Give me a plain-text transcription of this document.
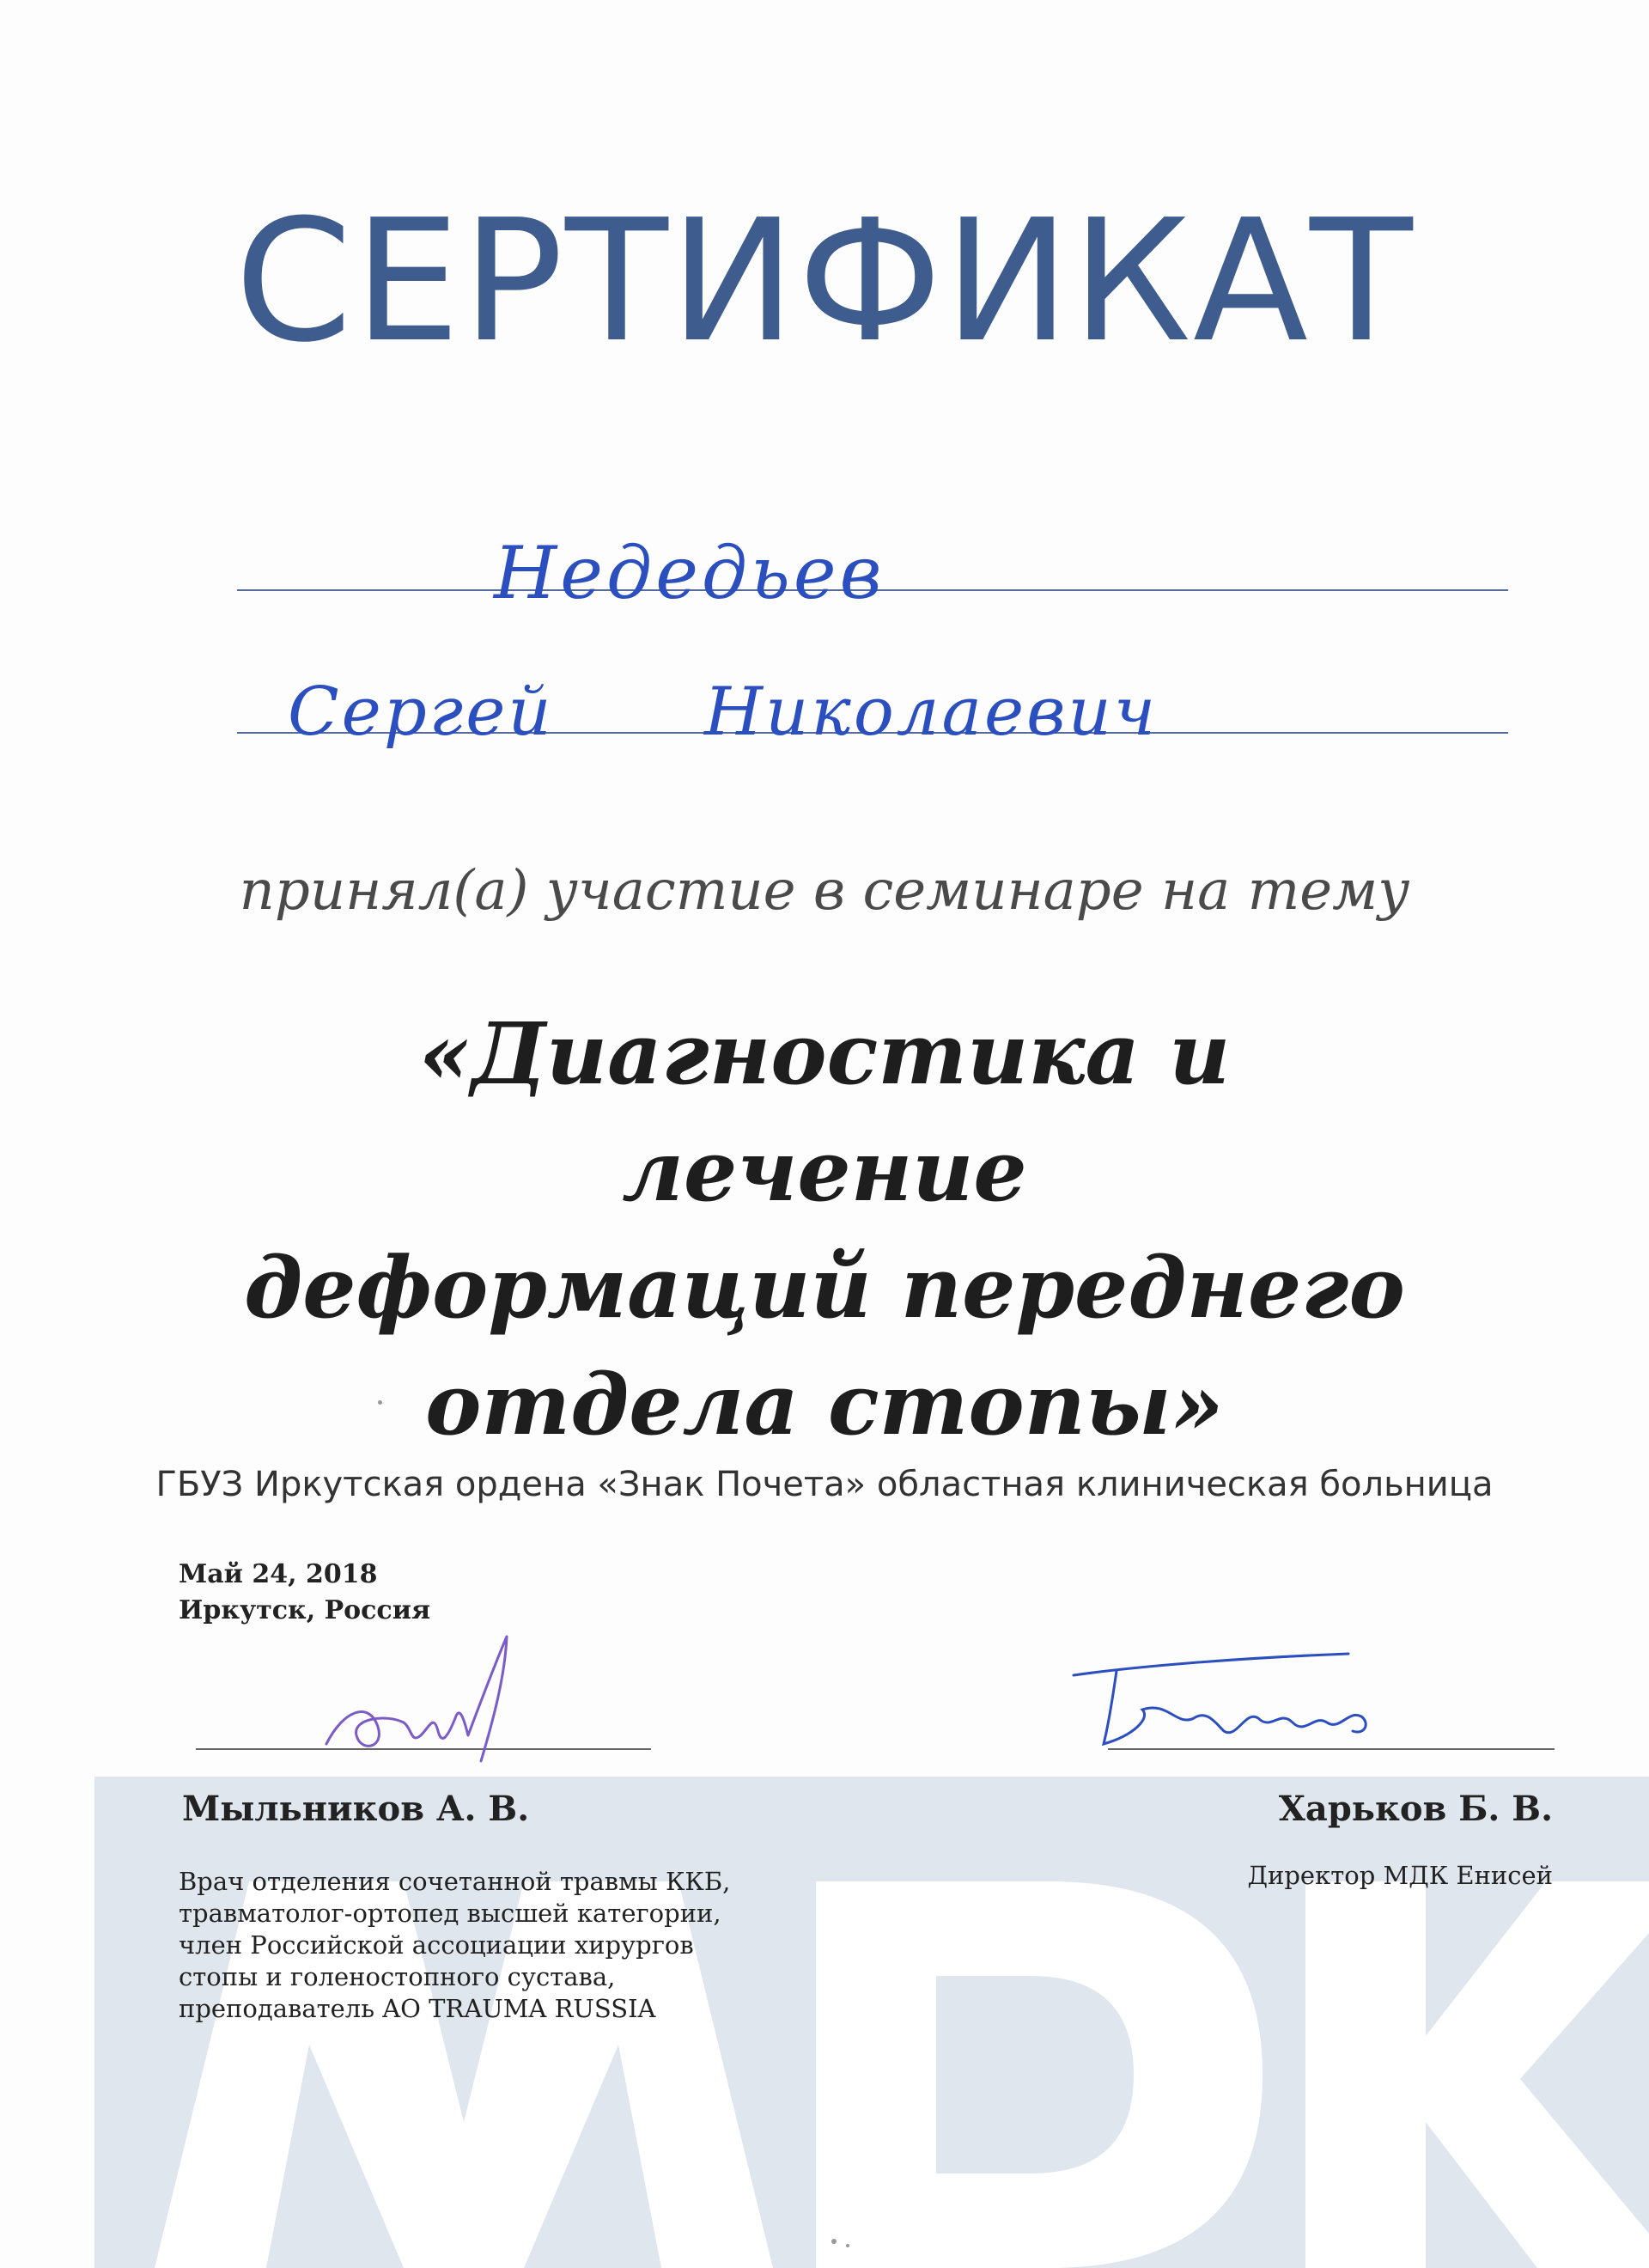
СЕРТИФИКАТ
Недедьев
Сергей Николаевич
принял(а) участие в семинаре на тему
«Диагностика и лечение
деформаций переднего
отдела стопы»
ГБУЗ Иркутская ордена «Знак Почета» областная клиническая больница
Май 24, 2018
Иркутск, Россия
Мыльников А. В.	Харьков Б. В.
Врач отделения сочетанной травмы ККБ,
травматолог-ортопед высшей категории,
член Российской ассоциации хирургов
стопы и голеностопного сустава,
преподаватель AO TRAUMA RUSSIA
Директор МДК Енисей
